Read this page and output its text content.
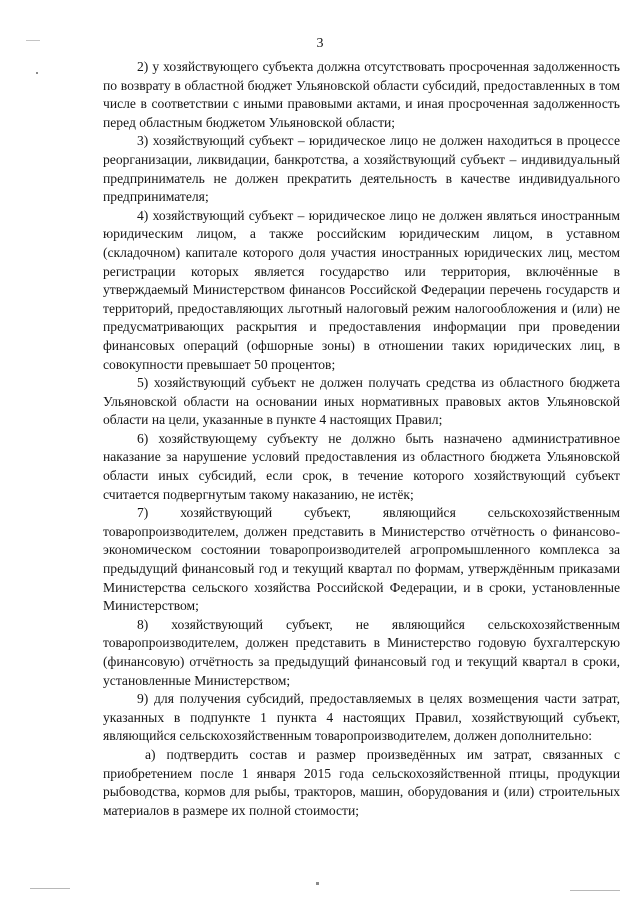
3

2) у хозяйствующего субъекта должна отсутствовать просроченная задолженность по возврату в областной бюджет Ульяновской области субсидий, предоставленных в том числе в соответствии с иными правовыми актами, и иная просроченная задолженность перед областным бюджетом Ульяновской области;

3) хозяйствующий субъект – юридическое лицо не должен находиться в процессе реорганизации, ликвидации, банкротства, а хозяйствующий субъект – индивидуальный предприниматель не должен прекратить деятельность в качестве индивидуального предпринимателя;

4) хозяйствующий субъект – юридическое лицо не должен являться иностранным юридическим лицом, а также российским юридическим лицом, в уставном (складочном) капитале которого доля участия иностранных юридических лиц, местом регистрации которых является государство или территория, включённые в утверждаемый Министерством финансов Российской Федерации перечень государств и территорий, предоставляющих льготный налоговый режим налогообложения и (или) не предусматривающих раскрытия и предоставления информации при проведении финансовых операций (офшорные зоны) в отношении таких юридических лиц, в совокупности превышает 50 процентов;

5) хозяйствующий субъект не должен получать средства из областного бюджета Ульяновской области на основании иных нормативных правовых актов Ульяновской области на цели, указанные в пункте 4 настоящих Правил;

6) хозяйствующему субъекту не должно быть назначено административное наказание за нарушение условий предоставления из областного бюджета Ульяновской области иных субсидий, если срок, в течение которого хозяйствующий субъект считается подвергнутым такому наказанию, не истёк;

7) хозяйствующий субъект, являющийся сельскохозяйственным товаропроизводителем, должен представить в Министерство отчётность о финансово-экономическом состоянии товаропроизводителей агропромышленного комплекса за предыдущий финансовый год и текущий квартал по формам, утверждённым приказами Министерства сельского хозяйства Российской Федерации, и в сроки, установленные Министерством;

8) хозяйствующий субъект, не являющийся сельскохозяйственным товаропроизводителем, должен представить в Министерство годовую бухгалтерскую (финансовую) отчётность за предыдущий финансовый год и текущий квартал в сроки, установленные Министерством;

9) для получения субсидий, предоставляемых в целях возмещения части затрат, указанных в подпункте 1 пункта 4 настоящих Правил, хозяйствующий субъект, являющийся сельскохозяйственным товаропроизводителем, должен дополнительно:

а) подтвердить состав и размер произведённых им затрат, связанных с приобретением после 1 января 2015 года сельскохозяйственной птицы, продукции рыбоводства, кормов для рыбы, тракторов, машин, оборудования и (или) строительных материалов в размере их полной стоимости;
